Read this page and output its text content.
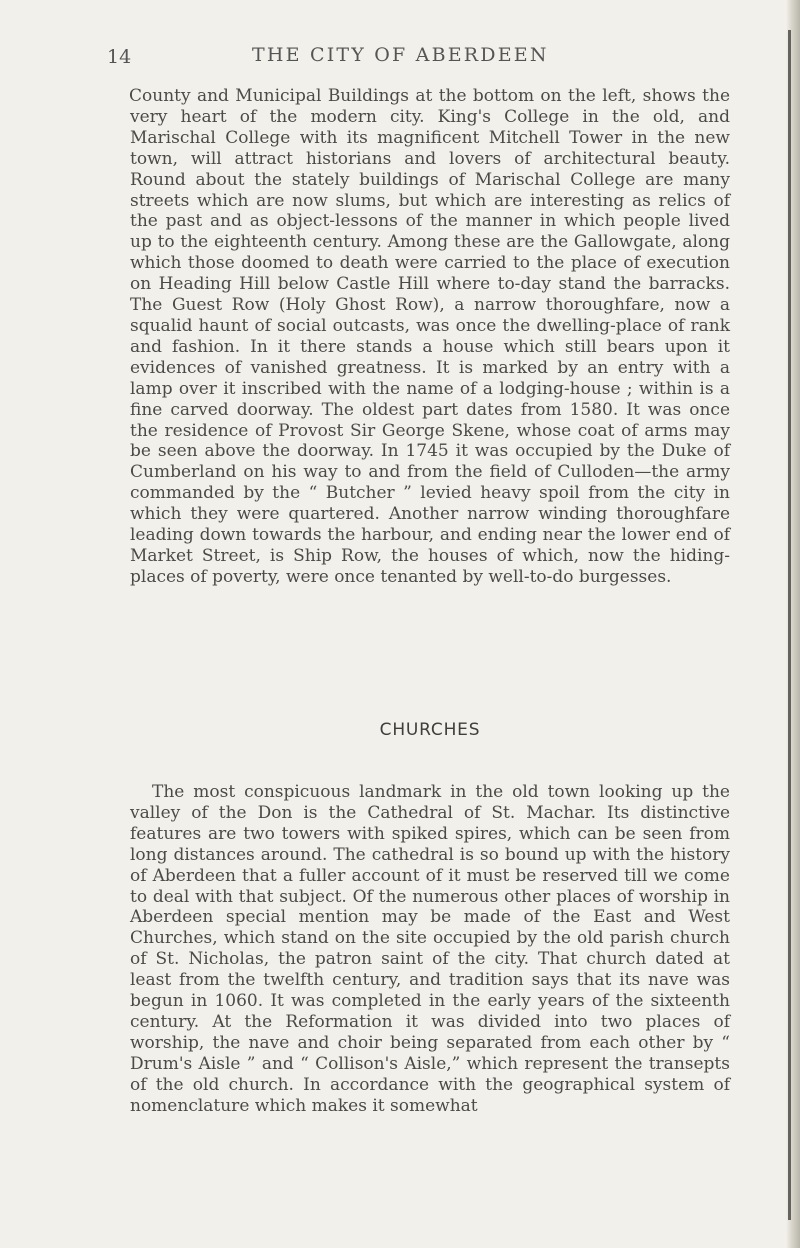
14	THE CITY OF ABERDEEN

County and Municipal Buildings at the bottom on the left, shows the very heart of the modern city. King's College in the old, and Marischal College with its magnificent Mitchell Tower in the new town, will attract historians and lovers of architectural beauty. Round about the stately buildings of Marischal College are many streets which are now slums, but which are interesting as relics of the past and as object-lessons of the manner in which people lived up to the eighteenth century. Among these are the Gallowgate, along which those doomed to death were carried to the place of execution on Heading Hill below Castle Hill where to-day stand the barracks. The Guest Row (Holy Ghost Row), a narrow thoroughfare, now a squalid haunt of social outcasts, was once the dwelling-place of rank and fashion. In it there stands a house which still bears upon it evidences of vanished greatness. It is marked by an entry with a lamp over it inscribed with the name of a lodging-house ; within is a fine carved doorway. The oldest part dates from 1580. It was once the residence of Provost Sir George Skene, whose coat of arms may be seen above the doorway. In 1745 it was occupied by the Duke of Cumberland on his way to and from the field of Culloden—the army commanded by the “ Butcher ” levied heavy spoil from the city in which they were quartered. Another narrow winding thoroughfare leading down towards the harbour, and ending near the lower end of Market Street, is Ship Row, the houses of which, now the hiding-places of poverty, were once tenanted by well-to-do burgesses.

CHURCHES

The most conspicuous landmark in the old town looking up the valley of the Don is the Cathedral of St. Machar. Its distinctive features are two towers with spiked spires, which can be seen from long distances around. The cathedral is so bound up with the history of Aberdeen that a fuller account of it must be reserved till we come to deal with that subject. Of the numerous other places of worship in Aberdeen special mention may be made of the East and West Churches, which stand on the site occupied by the old parish church of St. Nicholas, the patron saint of the city. That church dated at least from the twelfth century, and tradition says that its nave was begun in 1060. It was completed in the early years of the sixteenth century. At the Reformation it was divided into two places of worship, the nave and choir being separated from each other by “ Drum's Aisle ” and “ Collison's Aisle,” which represent the transepts of the old church. In accordance with the geographical system of nomenclature which makes it somewhat
